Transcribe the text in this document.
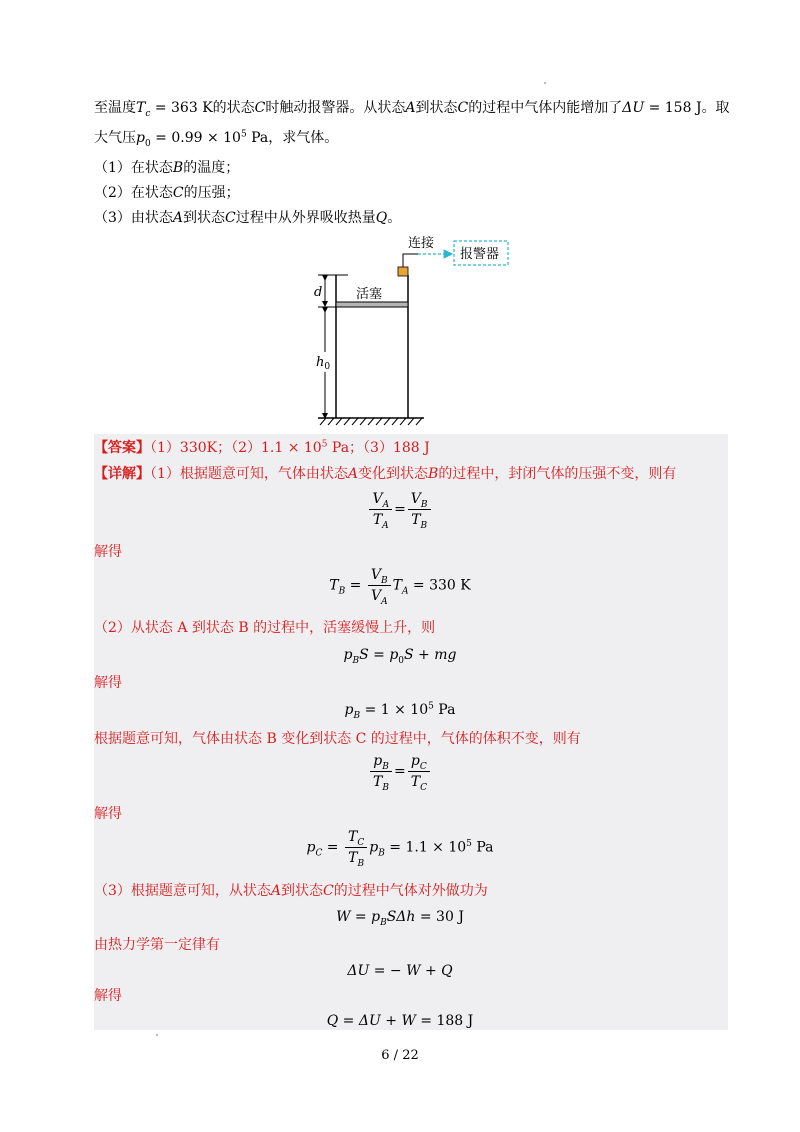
至温度$T_c = 363$ K的状态C时触动报警器。从状态A到状态C的过程中气体内能增加了ΔU = 158 J。取
大气压$p_0 = 0.99 \times 10^5$ Pa，求气体。
（1）在状态B的温度；
（2）在状态C的压强；
（3）由状态A到状态C过程中从外界吸收热量Q。
d
$h_0$
活塞
连接
报警器
【答案】（1）330K；$(2)1.1 \times 10^5$ Pa；（3）188 J
【详解】（1）根据题意可知，气体由状态A变化到状态B的过程中，封闭气体的压强不变，则有
$\frac{V_A}{T_A} = \frac{V_B}{T_B}$
解得
$T_B = \frac{V_B}{V_A} T_A = 330$ K
（2）从状态 A 到状态 B 的过程中，活塞缓慢上升，则
$p_BS = p_0S$ + mg
解得
$p_B = 1 \times 10^5$ Pa
根据题意可知，气体由状态 B 变化到状态 C 的过程中，气体的体积不变，则有
$\frac{p_B}{T_B} = \frac{p_C}{T_C}$
解得
$p_C = \frac{T_C}{T_B} p_B = 1.1 \times 10^5$ Pa
（3）根据题意可知，从状态A到状态C的过程中气体对外做功为
$W = p_BS\Delta h = 30$ J
由热力学第一定律有
ΔU = − W + Q
解得
Q = ΔU + W = 188 J
6 / 22
